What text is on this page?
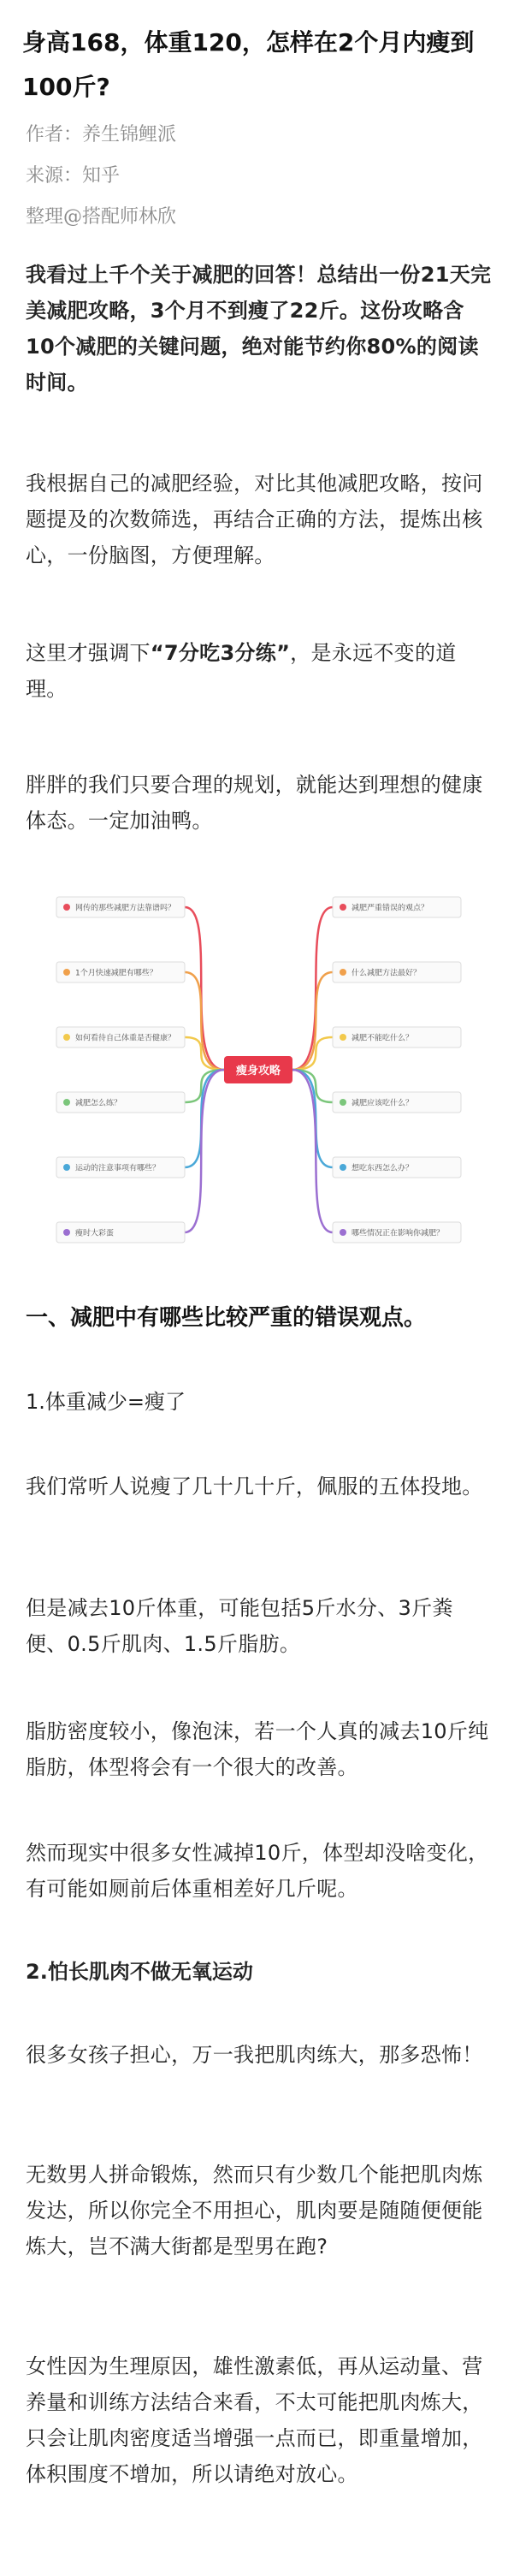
身高168，体重120，怎样在2个月内瘦到100斤?
作者：养生锦鲤派
来源：知乎
整理@搭配师林欣

我看过上千个关于减肥的回答！总结出一份21天完美减肥攻略，3个月不到瘦了22斤。这份攻略含10个减肥的关键问题，绝对能节约你80%的阅读时间。

我根据自己的减肥经验，对比其他减肥攻略，按问题提及的次数筛选，再结合正确的方法，提炼出核心，一份脑图，方便理解。

这里才强调下“7分吃3分练”，是永远不变的道理。

胖胖的我们只要合理的规划，就能达到理想的健康体态。一定加油鸭。

网传的那些减肥方法靠谱吗？
1个月快速减肥有哪些？
如何看待自己体重是否健康？
减肥怎么练？
运动的注意事项有哪些？
瘦时大彩蛋
减肥严重错误的观点？
什么减肥方法最好？
减肥不能吃什么？
减肥应该吃什么？
想吃东西怎么办？
哪些情况正在影响你减肥？
瘦身攻略
一、减肥中有哪些比较严重的错误观点。

1.体重减少=瘦了

我们常听人说瘦了几十几十斤，佩服的五体投地。

但是减去10斤体重，可能包括5斤水分、3斤粪便、0.5斤肌肉、1.5斤脂肪。

脂肪密度较小，像泡沫，若一个人真的减去10斤纯脂肪，体型将会有一个很大的改善。

然而现实中很多女性减掉10斤，体型却没啥变化，有可能如厕前后体重相差好几斤呢。

2.怕长肌肉不做无氧运动

很多女孩子担心，万一我把肌肉练大，那多恐怖！

无数男人拼命锻炼，然而只有少数几个能把肌肉炼发达，所以你完全不用担心，肌肉要是随随便便能炼大，岂不满大街都是型男在跑?

女性因为生理原因，雄性激素低，再从运动量、营养量和训练方法结合来看，不太可能把肌肉炼大，只会让肌肉密度适当增强一点而已，即重量增加，体积围度不增加，所以请绝对放心。
